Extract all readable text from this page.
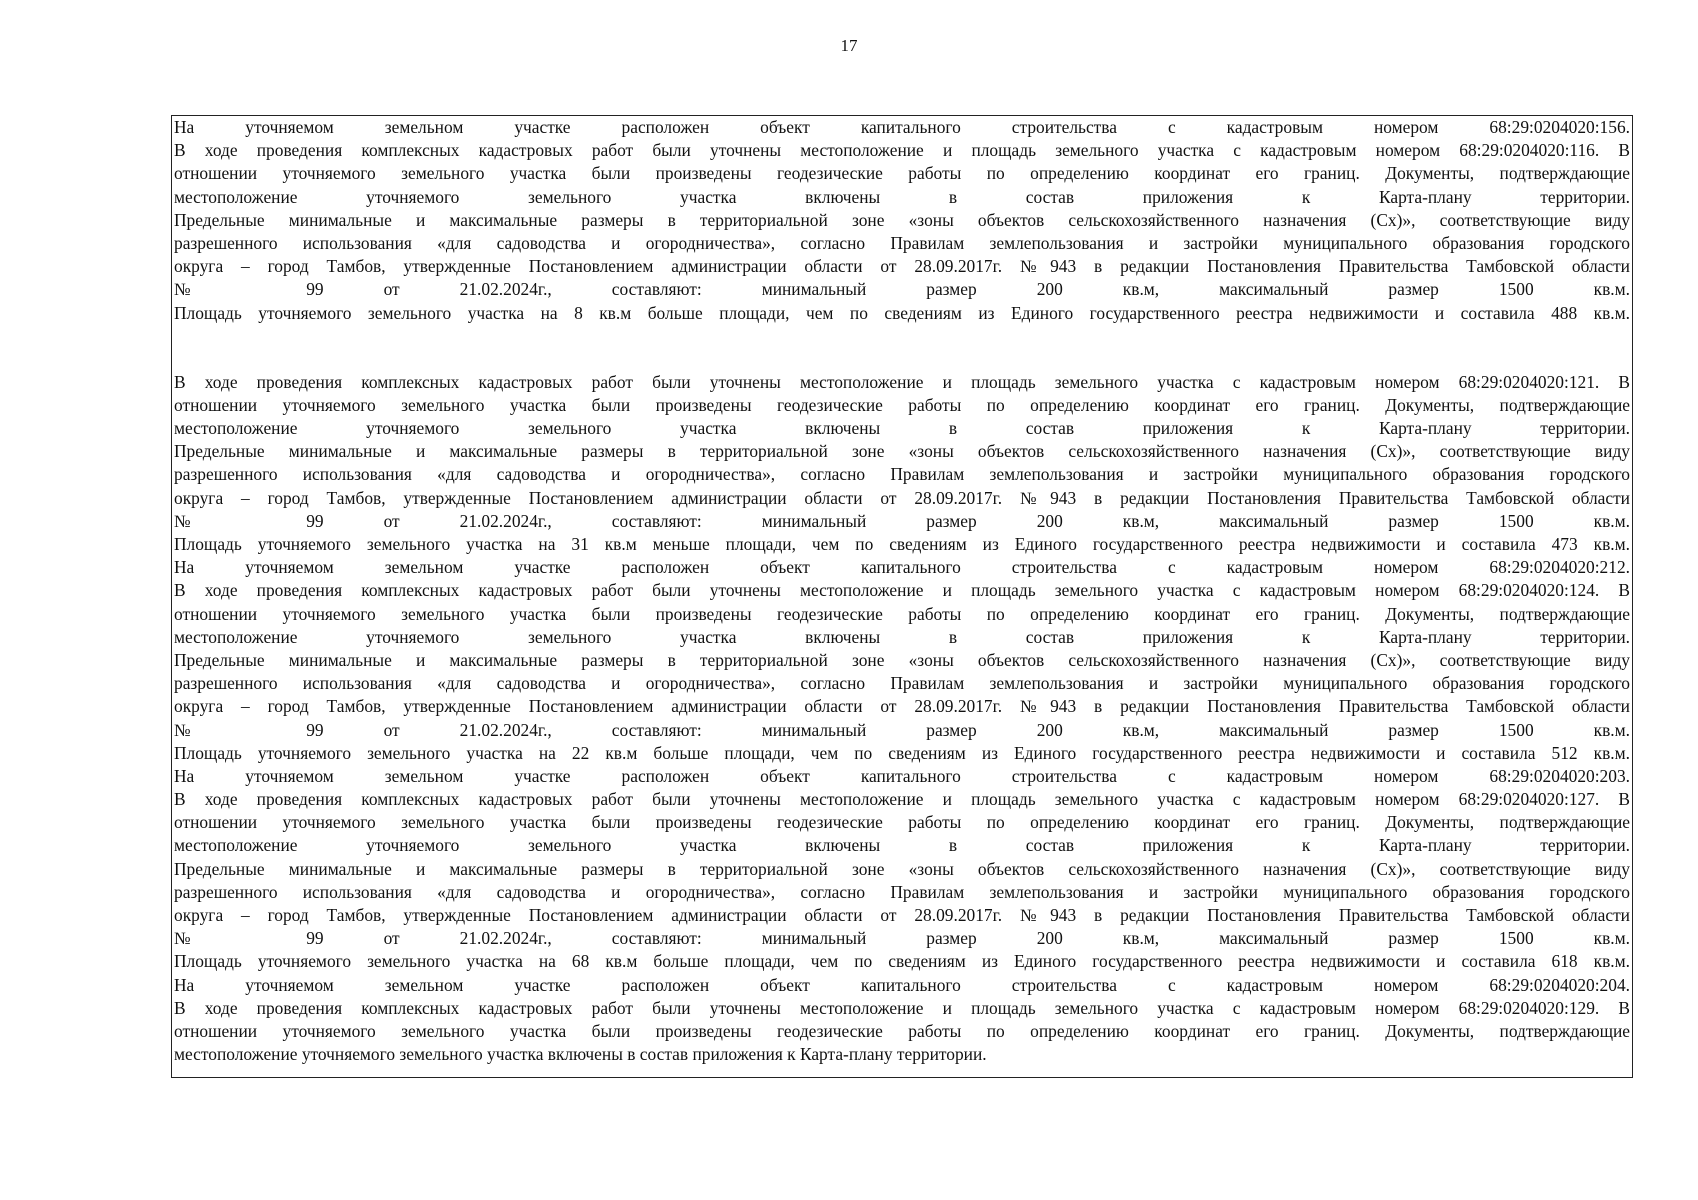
17
На уточняемом земельном участке расположен объект капитального строительства с кадастровым номером 68:29:0204020:156.
В ходе проведения комплексных кадастровых работ были уточнены местоположение и площадь земельного участка с кадастровым номером 68:29:0204020:116. В
отношении уточняемого земельного участка были произведены геодезические работы по определению координат его границ. Документы, подтверждающие
местоположение уточняемого земельного участка включены в состав приложения к Карта-плану территории.
Предельные минимальные и максимальные размеры в территориальной зоне «зоны объектов сельскохозяйственного назначения (Сх)», соответствующие виду
разрешенного использования «для садоводства и огородничества», согласно Правилам землепользования и застройки муниципального образования городского
округа – город Тамбов, утвержденные Постановлением администрации области от 28.09.2017г. №943 в редакции Постановления Правительства Тамбовской области
№ 99 от 21.02.2024г., составляют: минимальный размер 200 кв.м, максимальный размер 1500 кв.м.
Площадь уточняемого земельного участка на 8 кв.м больше площади, чем по сведениям из Единого государственного реестра недвижимости и составила 488 кв.м.
В ходе проведения комплексных кадастровых работ были уточнены местоположение и площадь земельного участка с кадастровым номером 68:29:0204020:121. В
отношении уточняемого земельного участка были произведены геодезические работы по определению координат его границ. Документы, подтверждающие
местоположение уточняемого земельного участка включены в состав приложения к Карта-плану территории.
Предельные минимальные и максимальные размеры в территориальной зоне «зоны объектов сельскохозяйственного назначения (Сх)», соответствующие виду
разрешенного использования «для садоводства и огородничества», согласно Правилам землепользования и застройки муниципального образования городского
округа – город Тамбов, утвержденные Постановлением администрации области от 28.09.2017г. №943 в редакции Постановления Правительства Тамбовской области
№ 99 от 21.02.2024г., составляют: минимальный размер 200 кв.м, максимальный размер 1500 кв.м.
Площадь уточняемого земельного участка на 31 кв.м меньше площади, чем по сведениям из Единого государственного реестра недвижимости и составила 473 кв.м.
На уточняемом земельном участке расположен объект капитального строительства с кадастровым номером 68:29:0204020:212.
В ходе проведения комплексных кадастровых работ были уточнены местоположение и площадь земельного участка с кадастровым номером 68:29:0204020:124. В
отношении уточняемого земельного участка были произведены геодезические работы по определению координат его границ. Документы, подтверждающие
местоположение уточняемого земельного участка включены в состав приложения к Карта-плану территории.
Предельные минимальные и максимальные размеры в территориальной зоне «зоны объектов сельскохозяйственного назначения (Сх)», соответствующие виду
разрешенного использования «для садоводства и огородничества», согласно Правилам землепользования и застройки муниципального образования городского
округа – город Тамбов, утвержденные Постановлением администрации области от 28.09.2017г. №943 в редакции Постановления Правительства Тамбовской области
№ 99 от 21.02.2024г., составляют: минимальный размер 200 кв.м, максимальный размер 1500 кв.м.
Площадь уточняемого земельного участка на 22 кв.м больше площади, чем по сведениям из Единого государственного реестра недвижимости и составила 512 кв.м.
На уточняемом земельном участке расположен объект капитального строительства с кадастровым номером 68:29:0204020:203.
В ходе проведения комплексных кадастровых работ были уточнены местоположение и площадь земельного участка с кадастровым номером 68:29:0204020:127. В
отношении уточняемого земельного участка были произведены геодезические работы по определению координат его границ. Документы, подтверждающие
местоположение уточняемого земельного участка включены в состав приложения к Карта-плану территории.
Предельные минимальные и максимальные размеры в территориальной зоне «зоны объектов сельскохозяйственного назначения (Сх)», соответствующие виду
разрешенного использования «для садоводства и огородничества», согласно Правилам землепользования и застройки муниципального образования городского
округа – город Тамбов, утвержденные Постановлением администрации области от 28.09.2017г. №943 в редакции Постановления Правительства Тамбовской области
№ 99 от 21.02.2024г., составляют: минимальный размер 200 кв.м, максимальный размер 1500 кв.м.
Площадь уточняемого земельного участка на 68 кв.м больше площади, чем по сведениям из Единого государственного реестра недвижимости и составила 618 кв.м.
На уточняемом земельном участке расположен объект капитального строительства с кадастровым номером 68:29:0204020:204.
В ходе проведения комплексных кадастровых работ были уточнены местоположение и площадь земельного участка с кадастровым номером 68:29:0204020:129. В
отношении уточняемого земельного участка были произведены геодезические работы по определению координат его границ. Документы, подтверждающие
местоположение уточняемого земельного участка включены в состав приложения к Карта-плану территории.
